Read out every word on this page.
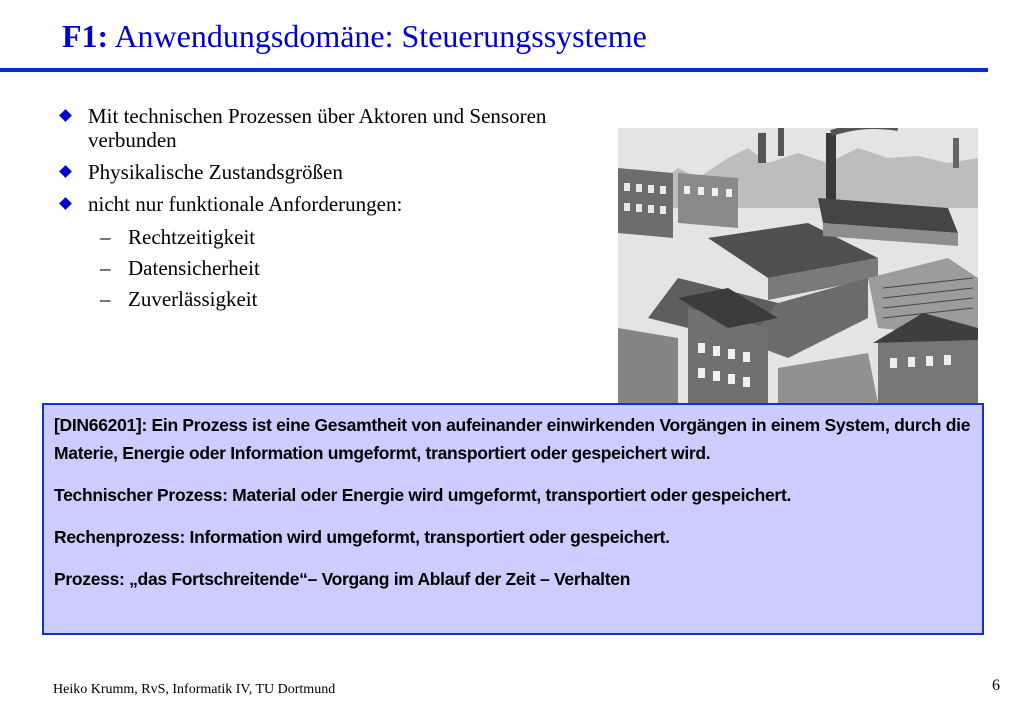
F1: Anwendungsdomäne: Steuerungssysteme
Mit technischen Prozessen über Aktoren und Sensoren verbunden
Physikalische Zustandsgrößen
nicht nur funktionale Anforderungen:
– Rechtzeitigkeit
– Datensicherheit
– Zuverlässigkeit

[DIN66201]: Ein Prozess ist eine Gesamtheit von aufeinander einwirkenden Vorgängen in einem System, durch die Materie, Energie oder Information umgeformt, transportiert oder gespeichert wird.

Technischer Prozess: Material oder Energie wird umgeformt, transportiert oder gespeichert.

Rechenprozess: Information wird umgeformt, transportiert oder gespeichert.

Prozess: „das Fortschreitende“– Vorgang im Ablauf der Zeit – Verhalten

Heiko Krumm, RvS, Informatik IV, TU Dortmund	6
